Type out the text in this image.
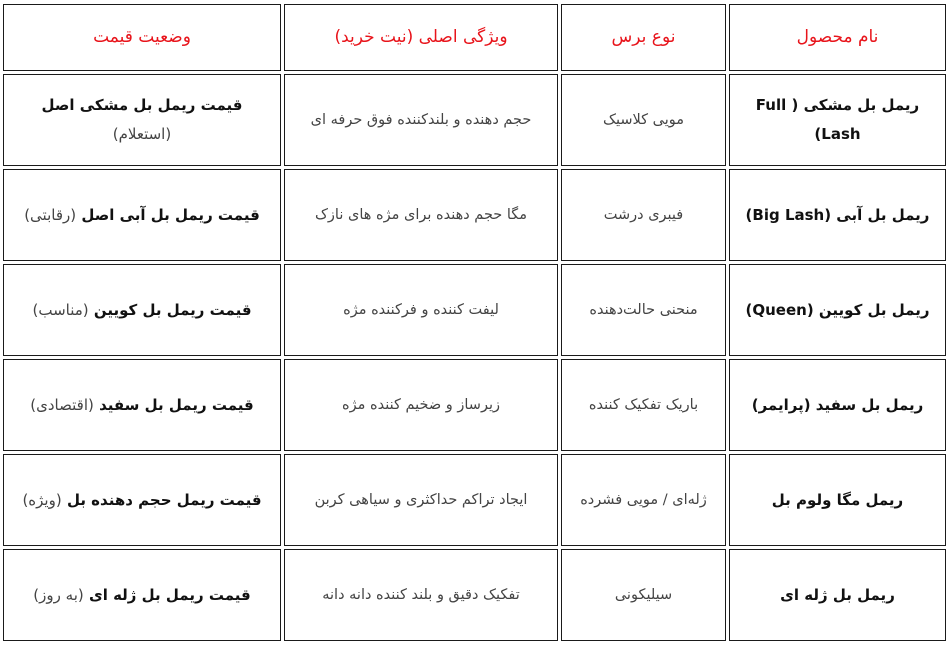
نام محصول
نوع برس
ویژگی اصلی (نیت خرید)
وضعیت قیمت
ریمل بل مشکی ( Full Lash)
مویی کلاسیک
حجم دهنده و بلندکننده فوق حرفه ای
قیمت ریمل بل مشکی اصل (استعلام)
ریمل بل آبی (Big Lash)
فیبری درشت
مگا حجم دهنده برای مژه های نازک
قیمت ریمل بل آبی اصل (رقابتی)
ریمل بل کویین (Queen)
منحنی حالت‌دهنده
لیفت کننده و فرکننده مژه
قیمت ریمل بل کویین (مناسب)
ریمل بل سفید (پرایمر)
باریک تفکیک کننده
زیرساز و ضخیم کننده مژه
قیمت ریمل بل سفید (اقتصادی)
ریمل مگا ولوم بل
ژله‌ای / مویی فشرده
ایجاد تراکم حداکثری و سیاهی کربن
قیمت ریمل حجم دهنده بل (ویژه)
ریمل بل ژله ای
سیلیکونی
تفکیک دقیق و بلند کننده دانه دانه
قیمت ریمل بل ژله ای (به روز)
